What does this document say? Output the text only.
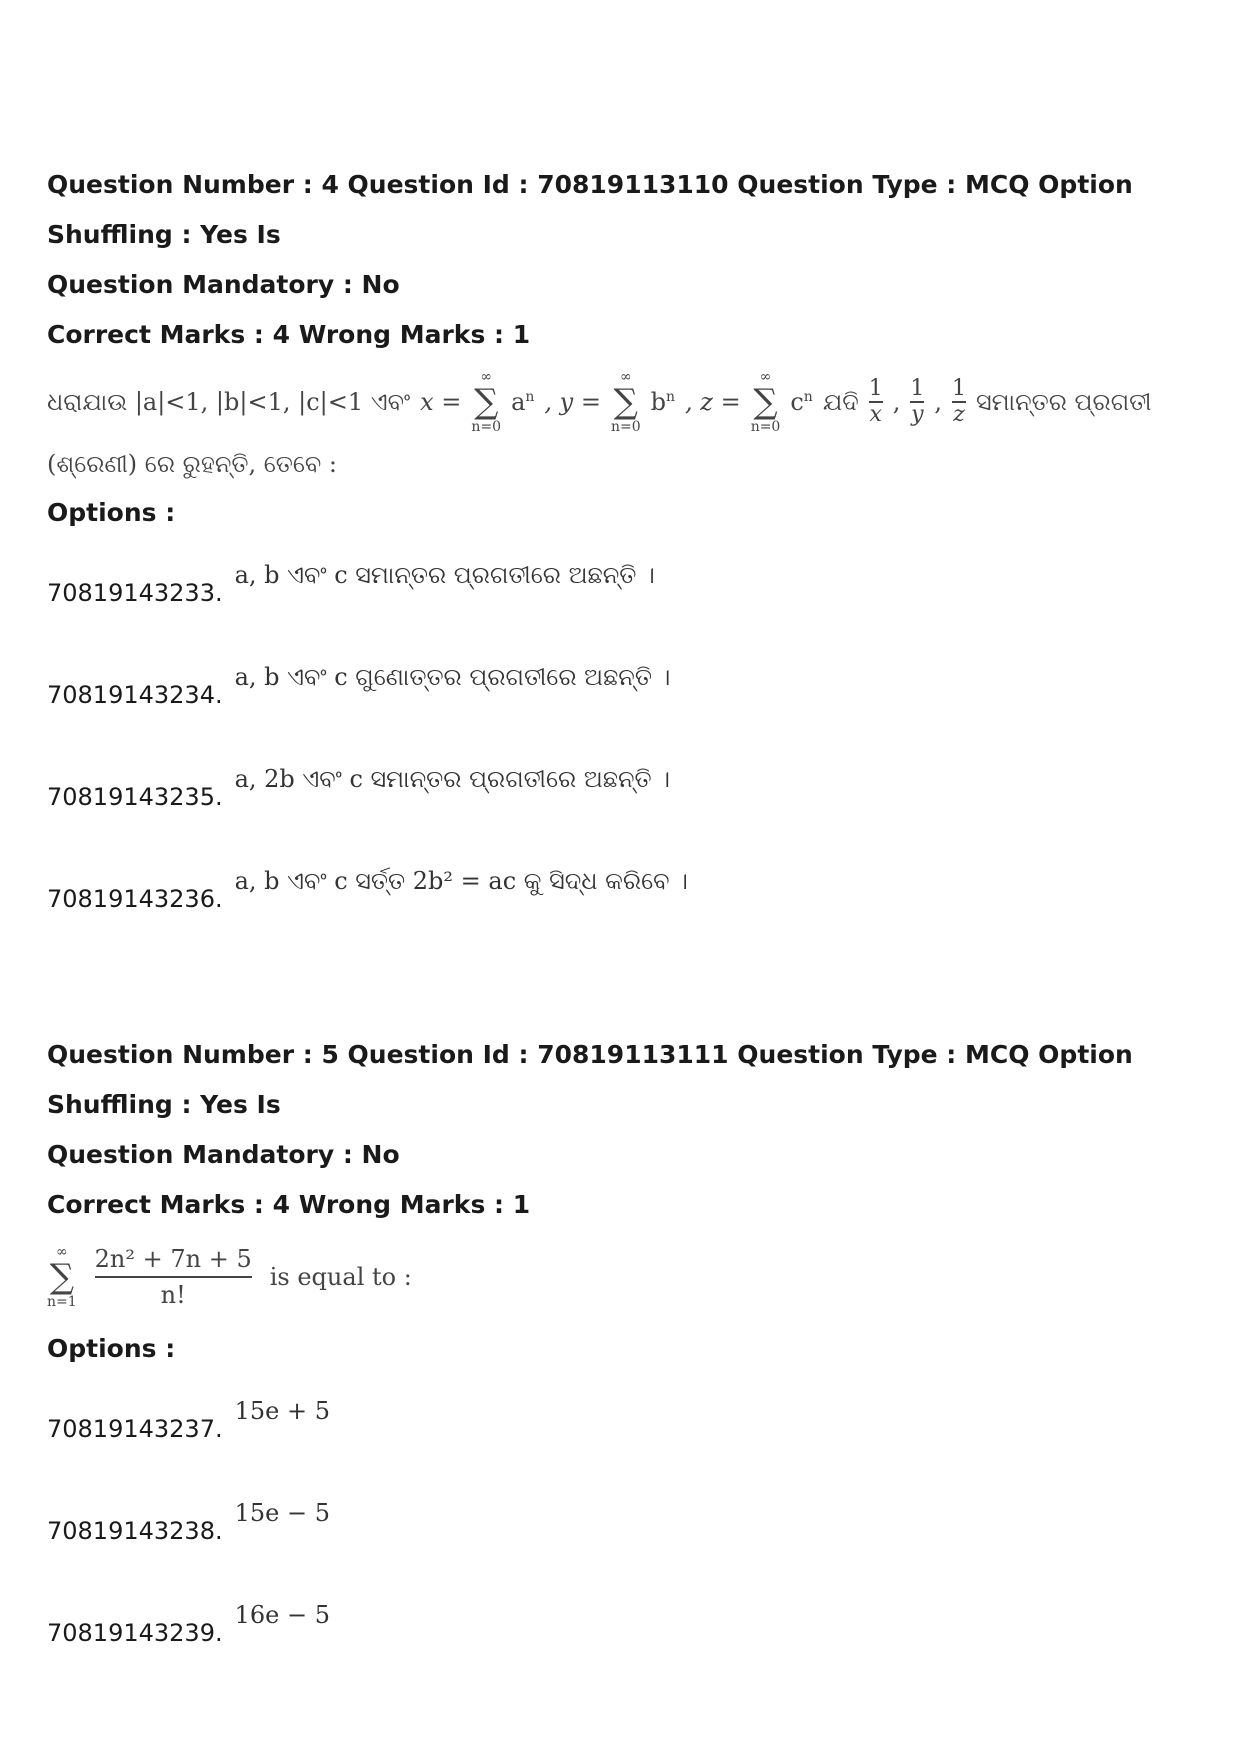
Question Number : 4 Question Id : 70819113110 Question Type : MCQ Option Shuffling : Yes Is

Question Mandatory : No

Correct Marks : 4 Wrong Marks : 1

ଧରାଯାଉ |a|<1, |b|<1, |c|<1 ଏବଂ x =
∞
∑
n=0
$a^n$ , y =
∞
∑
n=0
$b^n$ , z =
∞
∑
n=0
$c^n$ ଯଦି $\frac{1}{x}$ , $\frac{1}{y}$ , $\frac{1}{z}$ ସମାନ୍ତର ପ୍ରଗତୀ
(ଶ୍ରେଣୀ) ରେ ରୁହନ୍ତି, ତେବେ :
Options :
70819143233.
a, b ଏବଂ c ସମାନ୍ତର ପ୍ରଗତୀରେ ଅଛନ୍ତି ।
70819143234.
a, b ଏବଂ c ଗୁଣୋତ୍ତର ପ୍ରଗତୀରେ ଅଛନ୍ତି ।
70819143235.
a, 2b ଏବଂ c ସମାନ୍ତର ପ୍ରଗତୀରେ ଅଛନ୍ତି ।
70819143236.
a, b ଏବଂ c ସର୍ତ୍ତ 2b² = ac କୁ ସିଦ୍ଧ କରିବେ ।

Question Number : 5 Question Id : 70819113111 Question Type : MCQ Option Shuffling : Yes Is

Question Mandatory : No

Correct Marks : 4 Wrong Marks : 1

∞
∑
n=1
2n² + 7n + 5
n!
is equal to :
Options :
70819143237.
15e + 5
70819143238.
15e − 5
70819143239.
16e − 5
